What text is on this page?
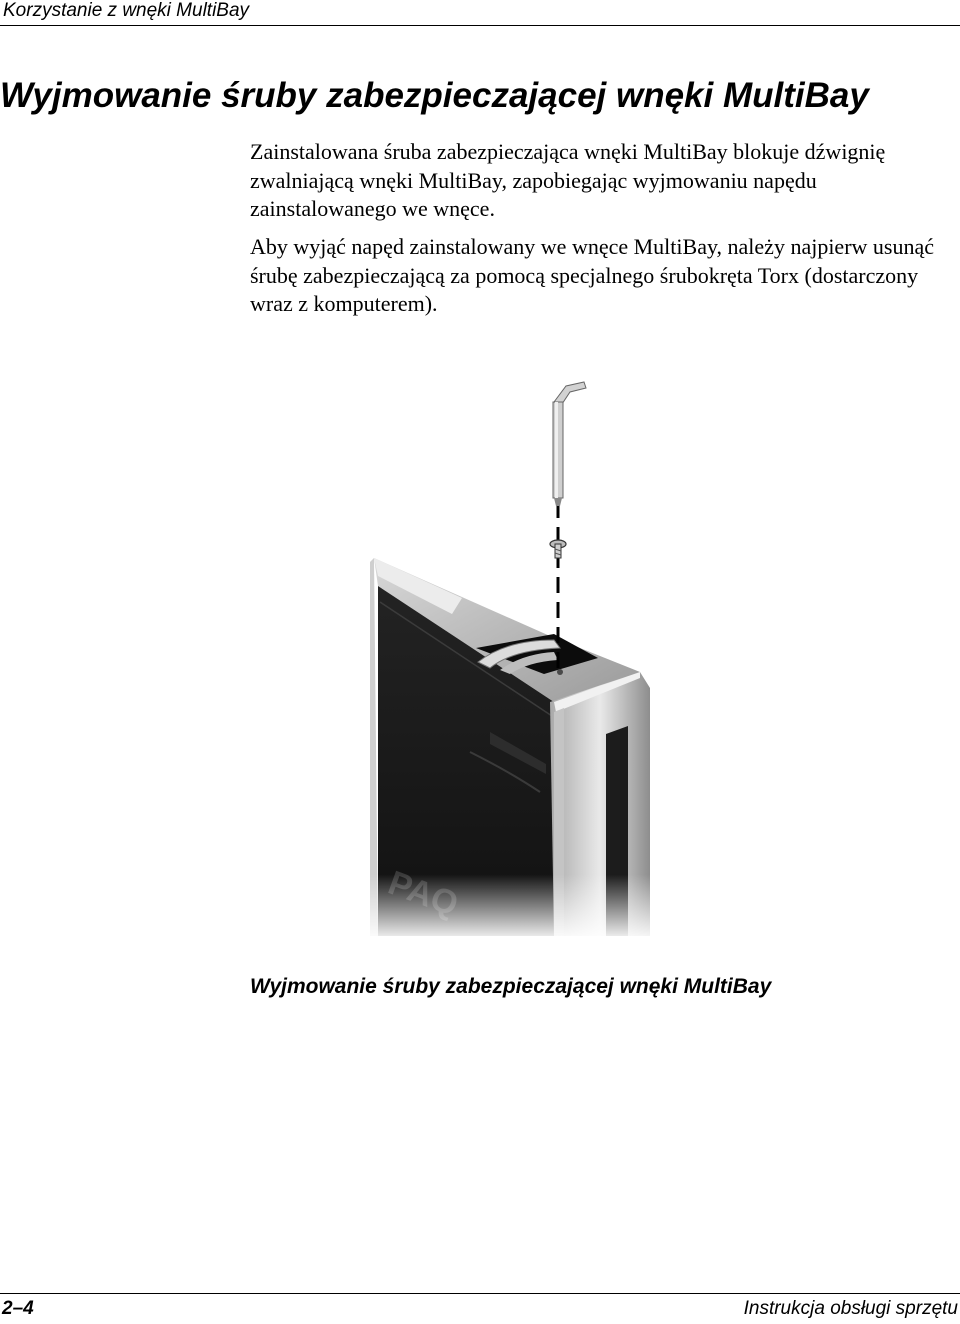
Korzystanie z wnęki MultiBay
Wyjmowanie śruby zabezpieczającej wnęki MultiBay

Zainstalowana śruba zabezpieczająca wnęki MultiBay blokuje dźwignię zwalniającą wnęki MultiBay, zapobiegając wyjmowaniu napędu zainstalowanego we wnęce.

Aby wyjąć napęd zainstalowany we wnęce MultiBay, należy najpierw usunąć śrubę zabezpieczającą za pomocą specjalnego śrubokręta Torx (dostarczony wraz z komputerem).

Wyjmowanie śruby zabezpieczającej wnęki MultiBay

2–4	Instrukcja obsługi sprzętu
